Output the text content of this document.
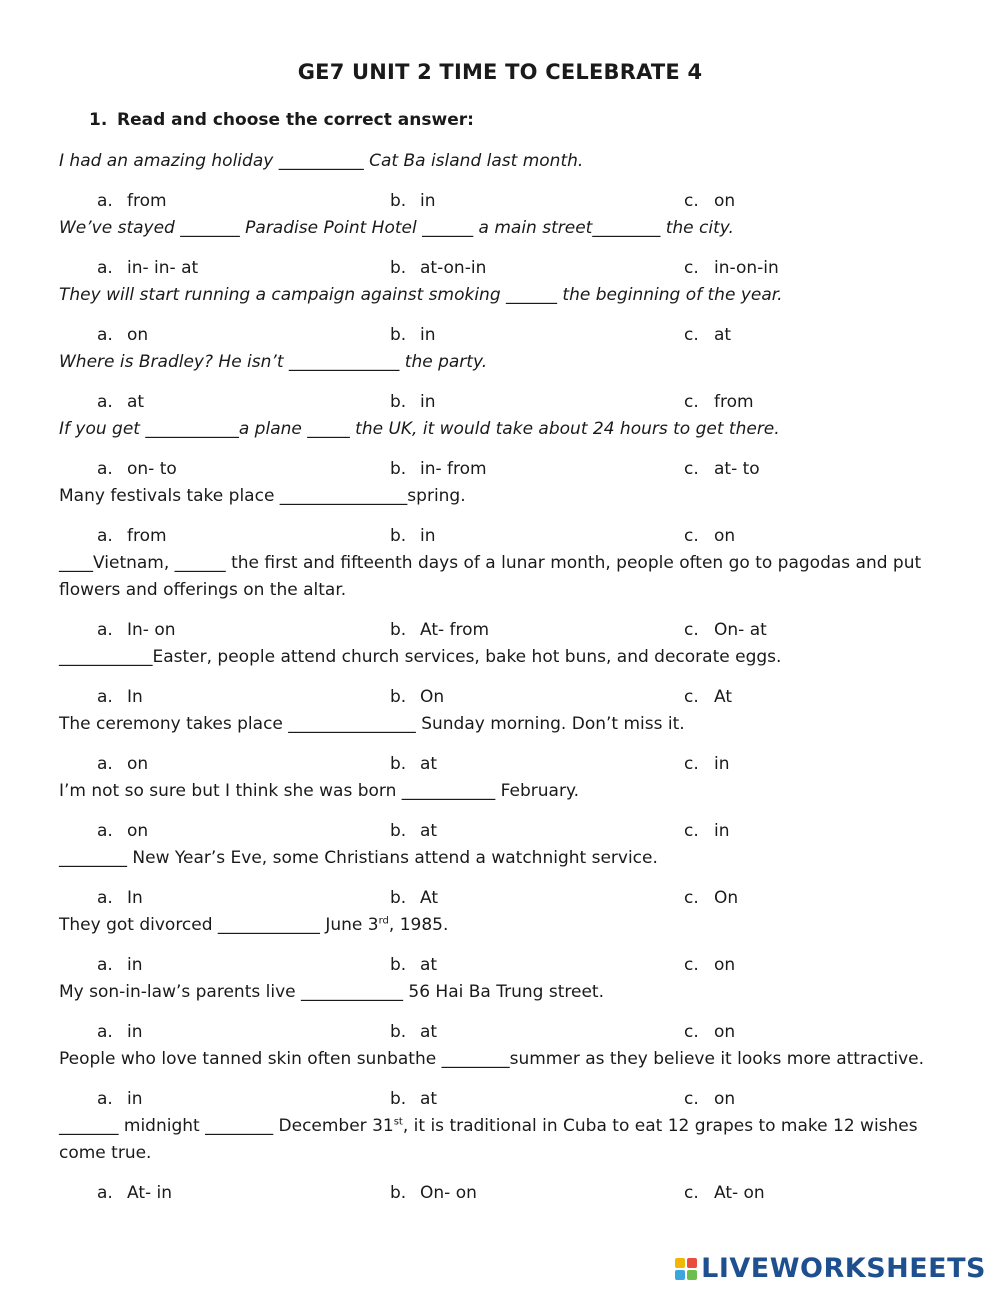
GE7 UNIT 2 TIME TO CELEBRATE 4
1. Read and choose the correct answer:
I had an amazing holiday __________ Cat Ba island last month.
a. from	b. in	c. on
We’ve stayed _______ Paradise Point Hotel ______ a main street________ the city.
a. in- in- at	b. at-on-in	c. in-on-in
They will start running a campaign against smoking ______ the beginning of the year.
a. on	b. in	c. at
Where is Bradley? He isn’t _____________ the party.
a. at	b. in	c. from
If you get ___________a plane _____ the UK, it would take about 24 hours to get there.
a. on- to	b. in- from	c. at- to
Many festivals take place _______________spring.
a. from	b. in	c. on
____Vietnam, ______ the first and fifteenth days of a lunar month, people often go to pagodas and put flowers and offerings on the altar.
a. In- on	b. At- from	c. On- at
___________Easter, people attend church services, bake hot buns, and decorate eggs.
a. In	b. On	c. At
The ceremony takes place _______________ Sunday morning. Don’t miss it.
a. on	b. at	c. in
I’m not so sure but I think she was born ___________ February.
a. on	b. at	c. in
________ New Year’s Eve, some Christians attend a watchnight service.
a. In	b. At	c. On
They got divorced ____________ June 3rd, 1985.
a. in	b. at	c. on
My son-in-law’s parents live ____________ 56 Hai Ba Trung street.
a. in	b. at	c. on
People who love tanned skin often sunbathe ________summer as they believe it looks more attractive.
a. in	b. at	c. on
_______ midnight ________ December 31st, it is traditional in Cuba to eat 12 grapes to make 12 wishes come true.
a. At- in	b. On- on	c. At- on
LIVEWORKSHEETS
